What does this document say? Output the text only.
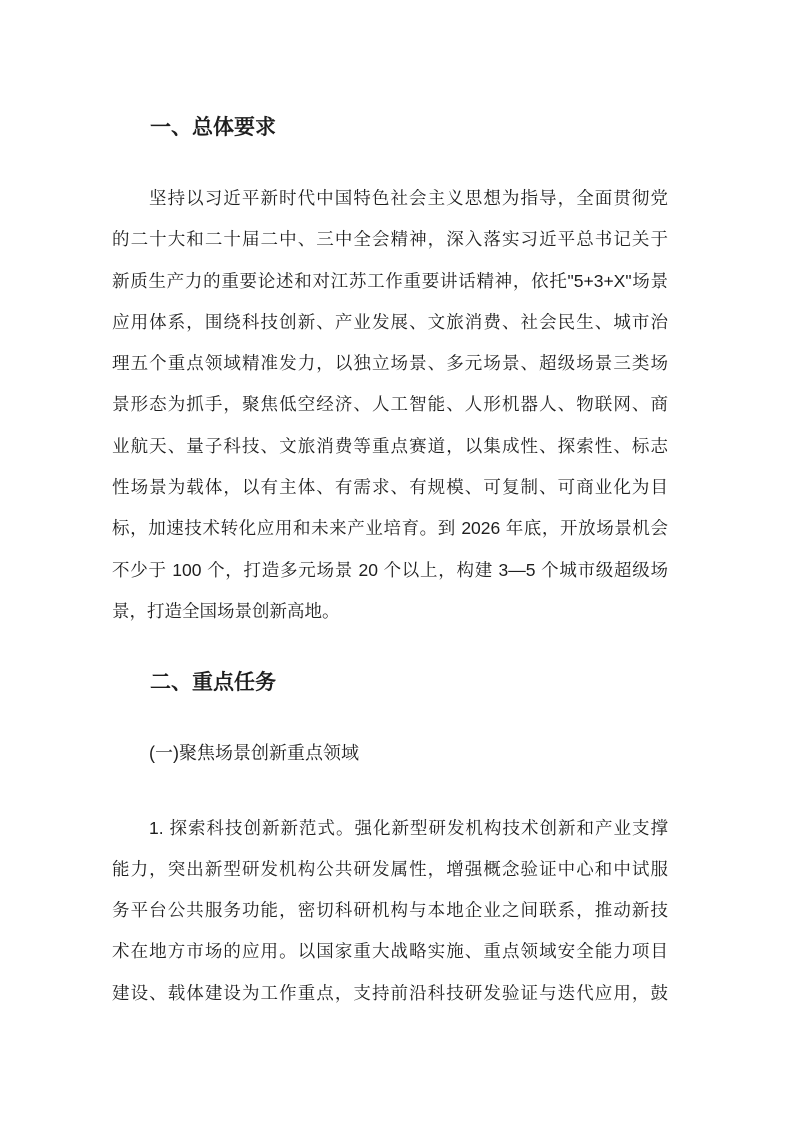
一、总体要求
坚持以习近平新时代中国特色社会主义思想为指导，全面贯彻党
的二十大和二十届二中、三中全会精神，深入落实习近平总书记关于
新质生产力的重要论述和对江苏工作重要讲话精神，依托"5+3+X"场景
应用体系，围绕科技创新、产业发展、文旅消费、社会民生、城市治
理五个重点领域精准发力，以独立场景、多元场景、超级场景三类场
景形态为抓手，聚焦低空经济、人工智能、人形机器人、物联网、商
业航天、量子科技、文旅消费等重点赛道，以集成性、探索性、标志
性场景为载体，以有主体、有需求、有规模、可复制、可商业化为目
标，加速技术转化应用和未来产业培育。到 2026 年底，开放场景机会
不少于 100 个，打造多元场景 20 个以上，构建 3—5 个城市级超级场
景，打造全国场景创新高地。
二、重点任务
(一)聚焦场景创新重点领域
1. 探索科技创新新范式。强化新型研发机构技术创新和产业支撑
能力，突出新型研发机构公共研发属性，增强概念验证中心和中试服
务平台公共服务功能，密切科研机构与本地企业之间联系，推动新技
术在地方市场的应用。以国家重大战略实施、重点领域安全能力项目
建设、载体建设为工作重点，支持前沿科技研发验证与迭代应用，鼓
